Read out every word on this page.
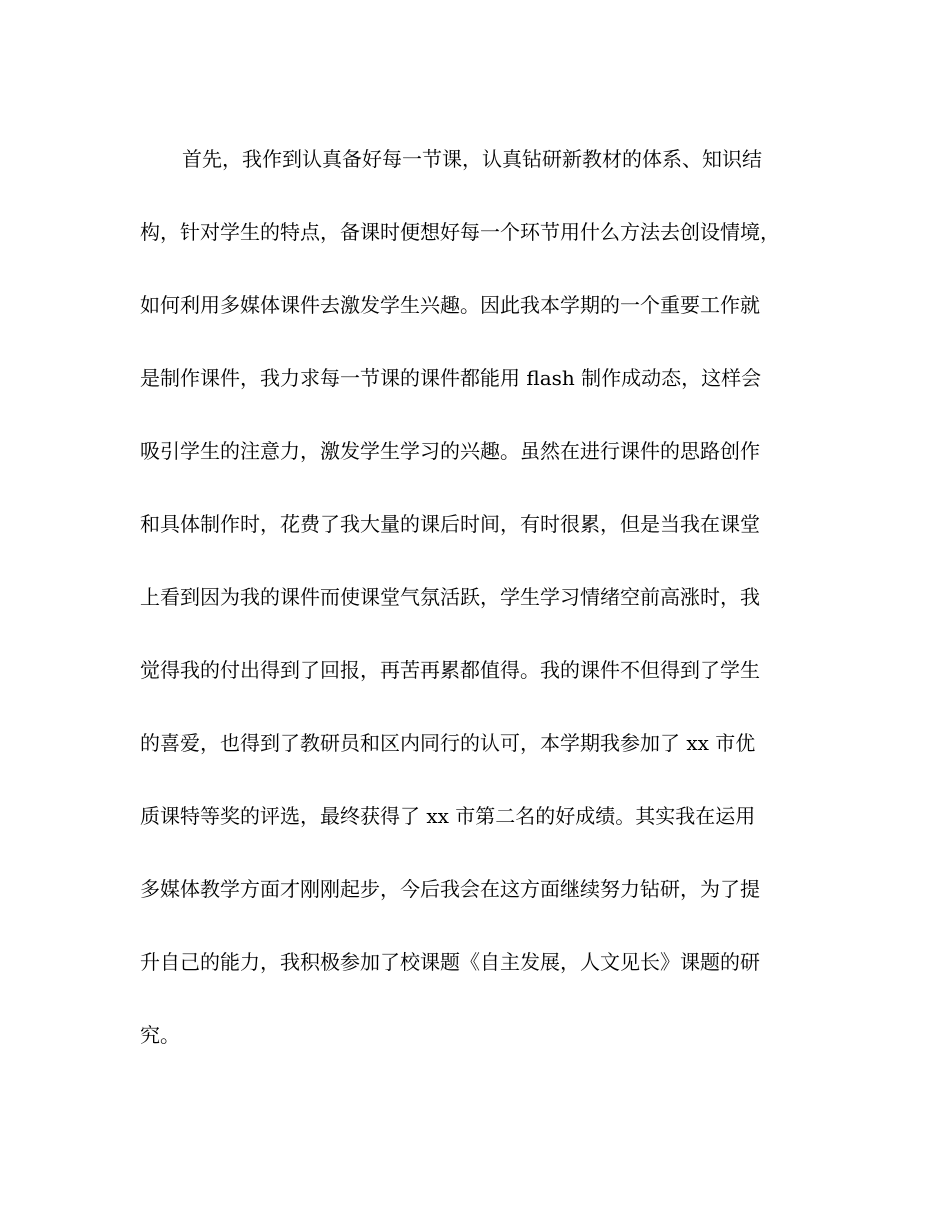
首先，我作到认真备好每一节课，认真钻研新教材的体系、知识结
构，针对学生的特点，备课时便想好每一个环节用什么方法去创设情境，
如何利用多媒体课件去激发学生兴趣。因此我本学期的一个重要工作就
是制作课件，我力求每一节课的课件都能用 flash 制作成动态，这样会
吸引学生的注意力，激发学生学习的兴趣。虽然在进行课件的思路创作
和具体制作时，花费了我大量的课后时间，有时很累，但是当我在课堂
上看到因为我的课件而使课堂气氛活跃，学生学习情绪空前高涨时，我
觉得我的付出得到了回报，再苦再累都值得。我的课件不但得到了学生
的喜爱，也得到了教研员和区内同行的认可，本学期我参加了 xx 市优
质课特等奖的评选，最终获得了 xx 市第二名的好成绩。其实我在运用
多媒体教学方面才刚刚起步，今后我会在这方面继续努力钻研，为了提
升自己的能力，我积极参加了校课题《自主发展，人文见长》课题的研
究。
